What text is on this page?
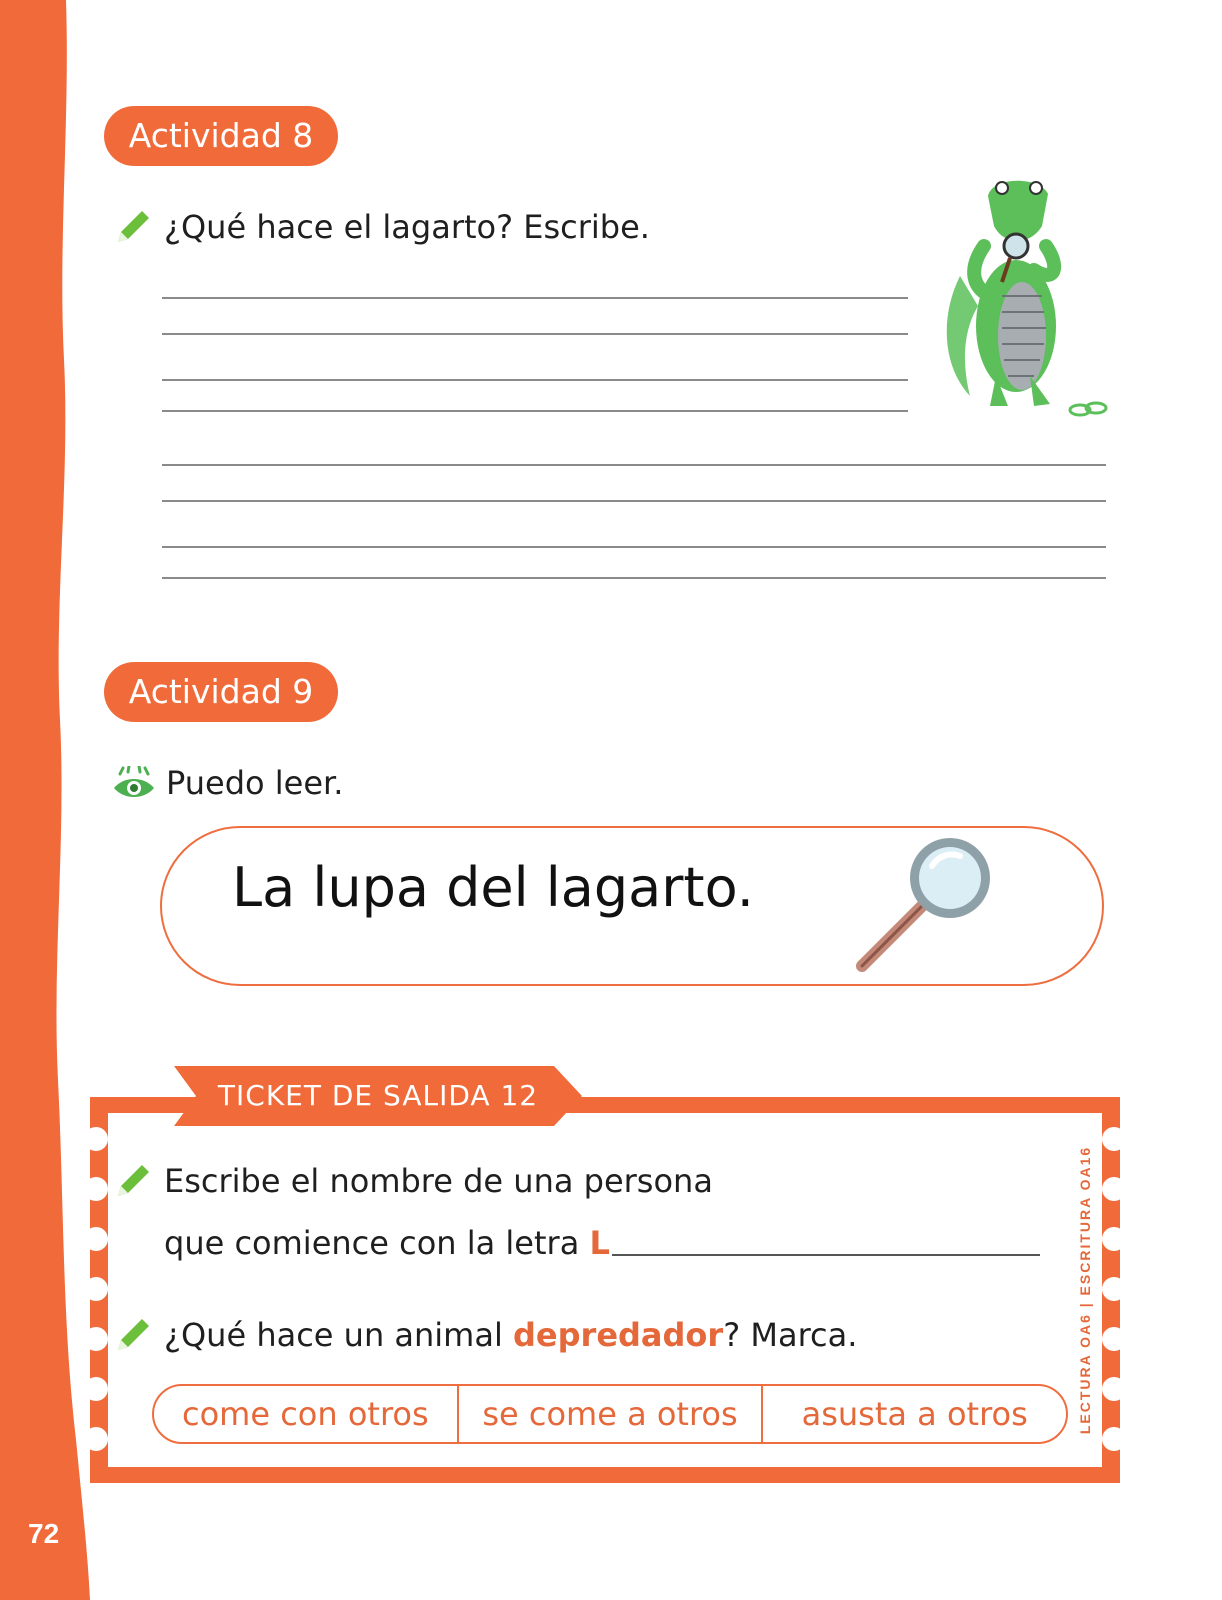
72
Actividad 8
¿Qué hace el lagarto? Escribe.
Actividad 9
Puedo leer.
La lupa del lagarto.
TICKET DE SALIDA 12
Escribe el nombre de una persona
que comience con la letra L
¿Qué hace un animal depredador? Marca.
come con otros	se come a otros	asusta a otros	LECTURA OA6 | ESCRITURA OA16
